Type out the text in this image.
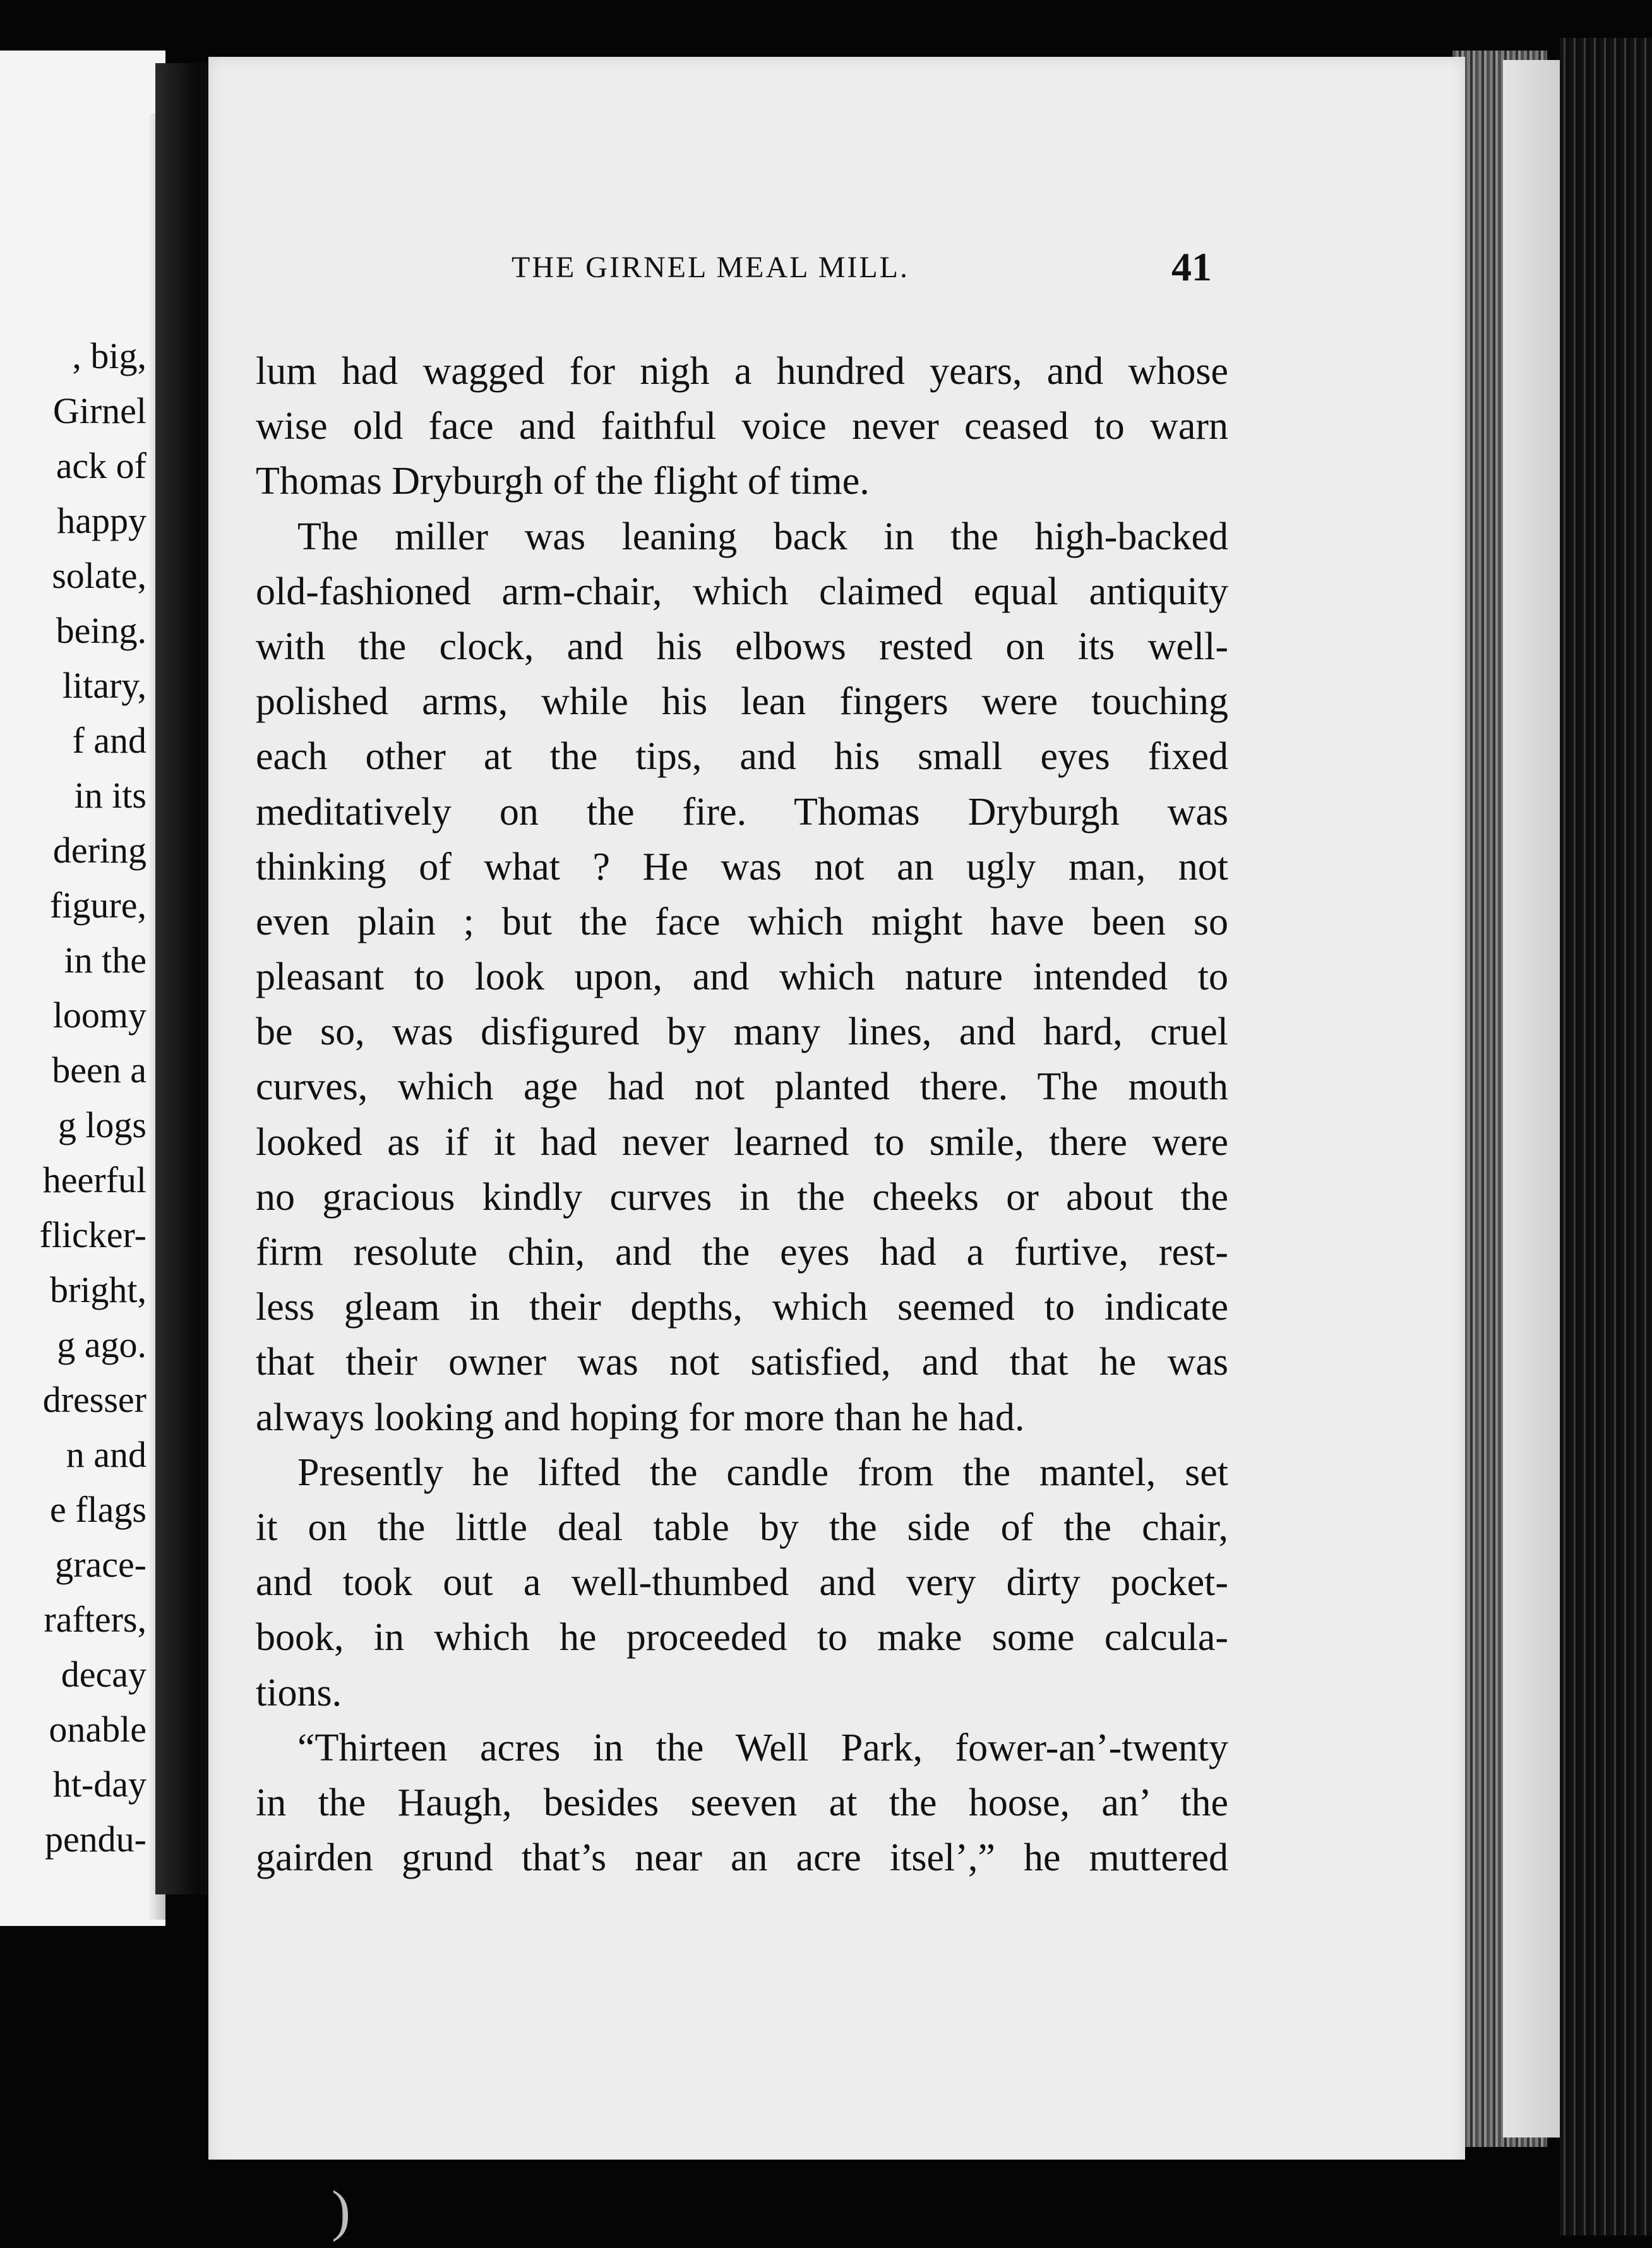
, big,
Girnel
ack of
happy
solate,
being.
litary,
f and
in its
dering
figure,
in the
loomy
been a
g logs
heerful
flicker-
bright,
g ago.
dresser
n and
e flags
grace-
rafters,
decay
onable
ht-day
pendu-
THE GIRNEL MEAL MILL.	41
lum had wagged for nigh a hundred years, and whose
wise old face and faithful voice never ceased to warn
Thomas Dryburgh of the flight of time.
The miller was leaning back in the high-backed
old-fashioned arm-chair, which claimed equal antiquity
with the clock, and his elbows rested on its well-
polished arms, while his lean fingers were touching
each other at the tips, and his small eyes fixed
meditatively on the fire. Thomas Dryburgh was
thinking of what ? He was not an ugly man, not
even plain ; but the face which might have been so
pleasant to look upon, and which nature intended to
be so, was disfigured by many lines, and hard, cruel
curves, which age had not planted there. The mouth
looked as if it had never learned to smile, there were
no gracious kindly curves in the cheeks or about the
firm resolute chin, and the eyes had a furtive, rest-
less gleam in their depths, which seemed to indicate
that their owner was not satisfied, and that he was
always looking and hoping for more than he had.
Presently he lifted the candle from the mantel, set
it on the little deal table by the side of the chair,
and took out a well-thumbed and very dirty pocket-
book, in which he proceeded to make some calcula-
tions.
“Thirteen acres in the Well Park, fower-an’-twenty
in the Haugh, besides seeven at the hoose, an’ the
gairden grund that’s near an acre itsel’,” he muttered
)
